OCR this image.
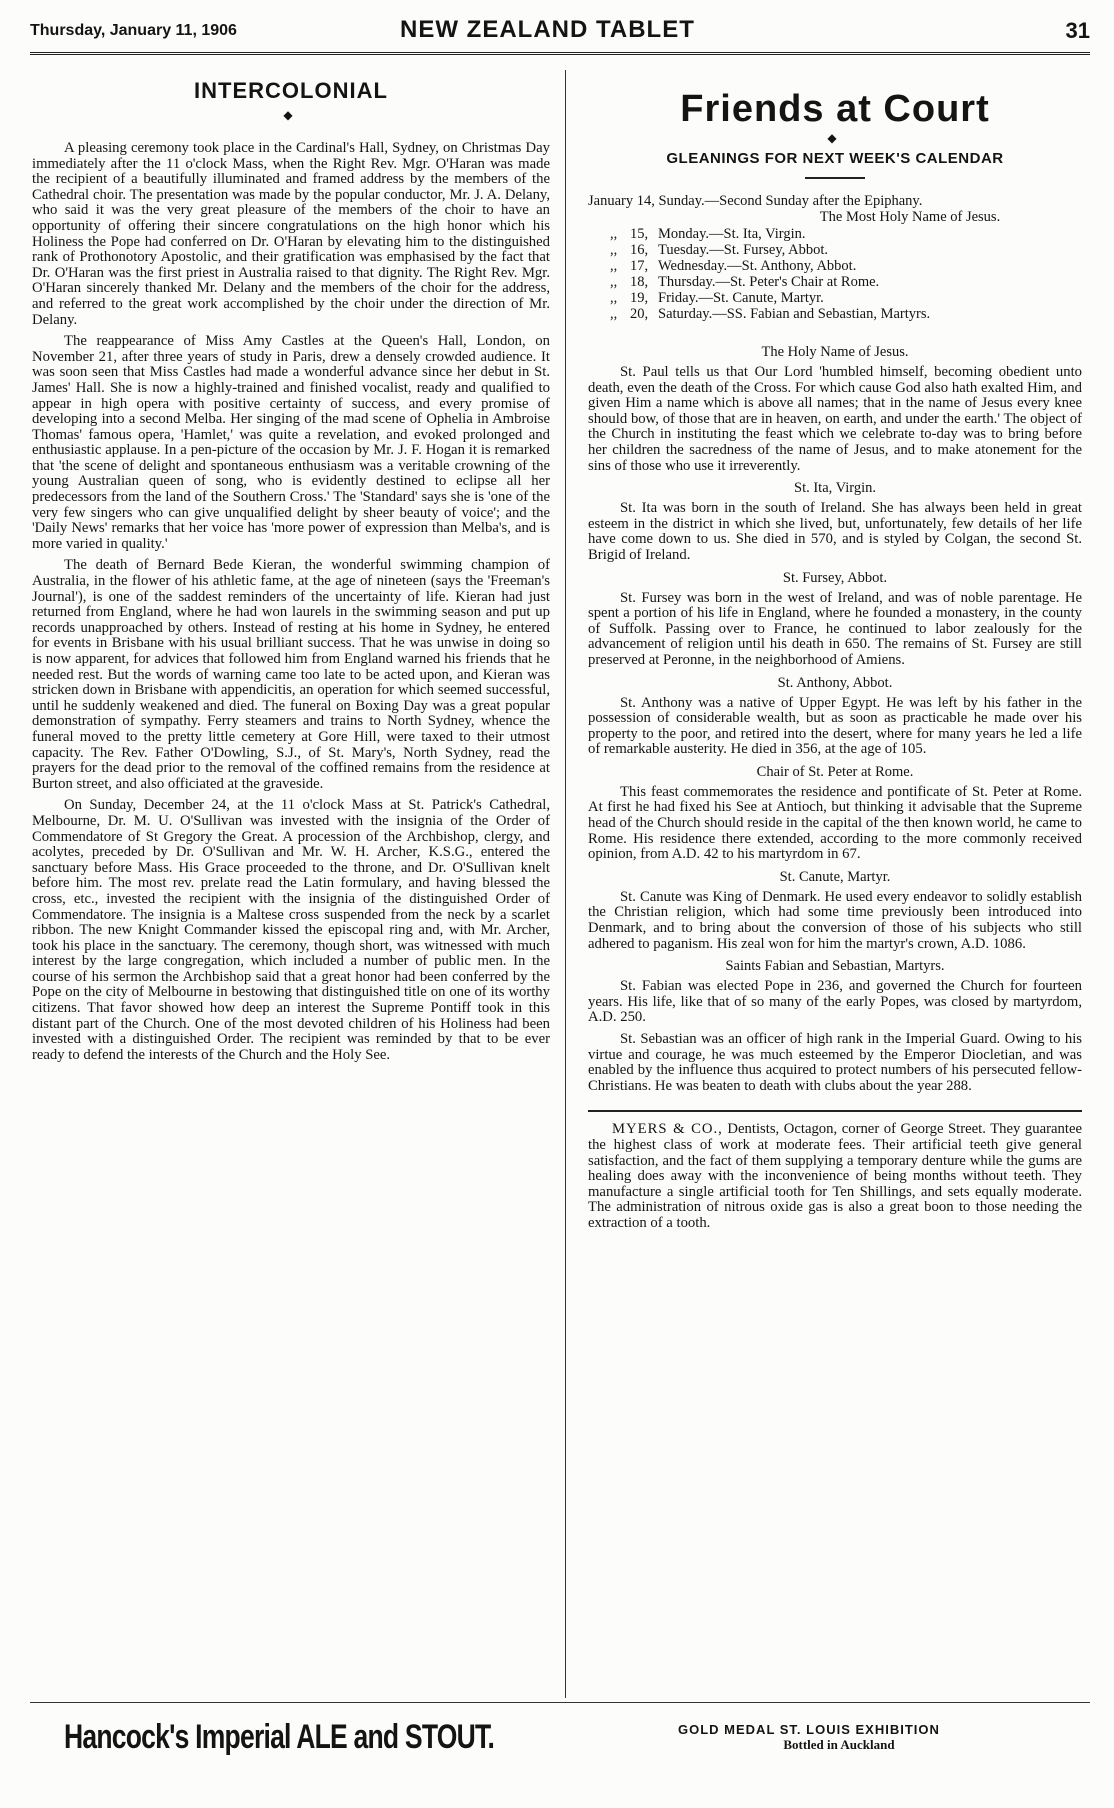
Thursday, January 11, 1906	NEW ZEALAND TABLET	31
INTERCOLONIAL
◆

A pleasing ceremony took place in the Cardinal's Hall, Sydney, on Christmas Day immediately after the 11 o'clock Mass, when the Right Rev. Mgr. O'Haran was made the recipient of a beautifully illuminated and framed address by the members of the Cathedral choir. The presentation was made by the popular conductor, Mr. J. A. Delany, who said it was the very great pleasure of the members of the choir to have an opportunity of offering their sincere congratulations on the high honor which his Holiness the Pope had conferred on Dr. O'Haran by elevating him to the distinguished rank of Prothonotory Apostolic, and their gratification was emphasised by the fact that Dr. O'Haran was the first priest in Australia raised to that dignity. The Right Rev. Mgr. O'Haran sincerely thanked Mr. Delany and the members of the choir for the address, and referred to the great work accomplished by the choir under the direction of Mr. Delany.

The reappearance of Miss Amy Castles at the Queen's Hall, London, on November 21, after three years of study in Paris, drew a densely crowded audience. It was soon seen that Miss Castles had made a wonderful advance since her debut in St. James' Hall. She is now a highly-trained and finished vocalist, ready and qualified to appear in high opera with positive certainty of success, and every promise of developing into a second Melba. Her singing of the mad scene of Ophelia in Ambroise Thomas' famous opera, 'Hamlet,' was quite a revelation, and evoked prolonged and enthusiastic applause. In a pen-picture of the occasion by Mr. J. F. Hogan it is remarked that 'the scene of delight and spontaneous enthusiasm was a veritable crowning of the young Australian queen of song, who is evidently destined to eclipse all her predecessors from the land of the Southern Cross.' The 'Standard' says she is 'one of the very few singers who can give unqualified delight by sheer beauty of voice'; and the 'Daily News' remarks that her voice has 'more power of expression than Melba's, and is more varied in quality.'

The death of Bernard Bede Kieran, the wonderful swimming champion of Australia, in the flower of his athletic fame, at the age of nineteen (says the 'Freeman's Journal'), is one of the saddest reminders of the uncertainty of life. Kieran had just returned from England, where he had won laurels in the swimming season and put up records unapproached by others. Instead of resting at his home in Sydney, he entered for events in Brisbane with his usual brilliant success. That he was unwise in doing so is now apparent, for advices that followed him from England warned his friends that he needed rest. But the words of warning came too late to be acted upon, and Kieran was stricken down in Brisbane with appendicitis, an operation for which seemed successful, until he suddenly weakened and died. The funeral on Boxing Day was a great popular demonstration of sympathy. Ferry steamers and trains to North Sydney, whence the funeral moved to the pretty little cemetery at Gore Hill, were taxed to their utmost capacity. The Rev. Father O'Dowling, S.J., of St. Mary's, North Sydney, read the prayers for the dead prior to the removal of the coffined remains from the residence at Burton street, and also officiated at the graveside.

On Sunday, December 24, at the 11 o'clock Mass at St. Patrick's Cathedral, Melbourne, Dr. M. U. O'Sullivan was invested with the insignia of the Order of Commendatore of St Gregory the Great. A procession of the Archbishop, clergy, and acolytes, preceded by Dr. O'Sullivan and Mr. W. H. Archer, K.S.G., entered the sanctuary before Mass. His Grace proceeded to the throne, and Dr. O'Sullivan knelt before him. The most rev. prelate read the Latin formulary, and having blessed the cross, etc., invested the recipient with the insignia of the distinguished Order of Commendatore. The insignia is a Maltese cross suspended from the neck by a scarlet ribbon. The new Knight Commander kissed the episcopal ring and, with Mr. Archer, took his place in the sanctuary. The ceremony, though short, was witnessed with much interest by the large congregation, which included a number of public men. In the course of his sermon the Archbishop said that a great honor had been conferred by the Pope on the city of Melbourne in bestowing that distinguished title on one of its worthy citizens. That favor showed how deep an interest the Supreme Pontiff took in this distant part of the Church. One of the most devoted children of his Holiness had been invested with a distinguished Order. The recipient was reminded by that to be ever ready to defend the interests of the Church and the Holy See.

Friends at Court
◆
GLEANINGS FOR NEXT WEEK'S CALENDAR
January 14, Sunday.—Second Sunday after the Epiphany.
The Most Holy Name of Jesus.
,, 15, Monday.—St. Ita, Virgin.
,, 16, Tuesday.—St. Fursey, Abbot.
,, 17, Wednesday.—St. Anthony, Abbot.
,, 18, Thursday.—St. Peter's Chair at Rome.
,, 19, Friday.—St. Canute, Martyr.
,, 20, Saturday.—SS. Fabian and Sebastian, Martyrs.
The Holy Name of Jesus.

St. Paul tells us that Our Lord 'humbled himself, becoming obedient unto death, even the death of the Cross. For which cause God also hath exalted Him, and given Him a name which is above all names; that in the name of Jesus every knee should bow, of those that are in heaven, on earth, and under the earth.' The object of the Church in instituting the feast which we celebrate to-day was to bring before her children the sacredness of the name of Jesus, and to make atonement for the sins of those who use it irreverently.

St. Ita, Virgin.

St. Ita was born in the south of Ireland. She has always been held in great esteem in the district in which she lived, but, unfortunately, few details of her life have come down to us. She died in 570, and is styled by Colgan, the second St. Brigid of Ireland.

St. Fursey, Abbot.

St. Fursey was born in the west of Ireland, and was of noble parentage. He spent a portion of his life in England, where he founded a monastery, in the county of Suffolk. Passing over to France, he continued to labor zealously for the advancement of religion until his death in 650. The remains of St. Fursey are still preserved at Peronne, in the neighborhood of Amiens.

St. Anthony, Abbot.

St. Anthony was a native of Upper Egypt. He was left by his father in the possession of considerable wealth, but as soon as practicable he made over his property to the poor, and retired into the desert, where for many years he led a life of remarkable austerity. He died in 356, at the age of 105.

Chair of St. Peter at Rome.

This feast commemorates the residence and pontificate of St. Peter at Rome. At first he had fixed his See at Antioch, but thinking it advisable that the Supreme head of the Church should reside in the capital of the then known world, he came to Rome. His residence there extended, according to the more commonly received opinion, from A.D. 42 to his martyrdom in 67.

St. Canute, Martyr.

St. Canute was King of Denmark. He used every endeavor to solidly establish the Christian religion, which had some time previously been introduced into Denmark, and to bring about the conversion of those of his subjects who still adhered to paganism. His zeal won for him the martyr's crown, A.D. 1086.

Saints Fabian and Sebastian, Martyrs.

St. Fabian was elected Pope in 236, and governed the Church for fourteen years. His life, like that of so many of the early Popes, was closed by martyrdom, A.D. 250.

St. Sebastian was an officer of high rank in the Imperial Guard. Owing to his virtue and courage, he was much esteemed by the Emperor Diocletian, and was enabled by the influence thus acquired to protect numbers of his persecuted fellow-Christians. He was beaten to death with clubs about the year 288.

MYERS & CO., Dentists, Octagon, corner of George Street. They guarantee the highest class of work at moderate fees. Their artificial teeth give general satisfaction, and the fact of them supplying a temporary denture while the gums are healing does away with the inconvenience of being months without teeth. They manufacture a single artificial tooth for Ten Shillings, and sets equally moderate. The administration of nitrous oxide gas is also a great boon to those needing the extraction of a tooth.

Hancock's Imperial ALE and STOUT.	GOLD MEDAL ST. LOUIS EXHIBITION
Bottled in Auckland
